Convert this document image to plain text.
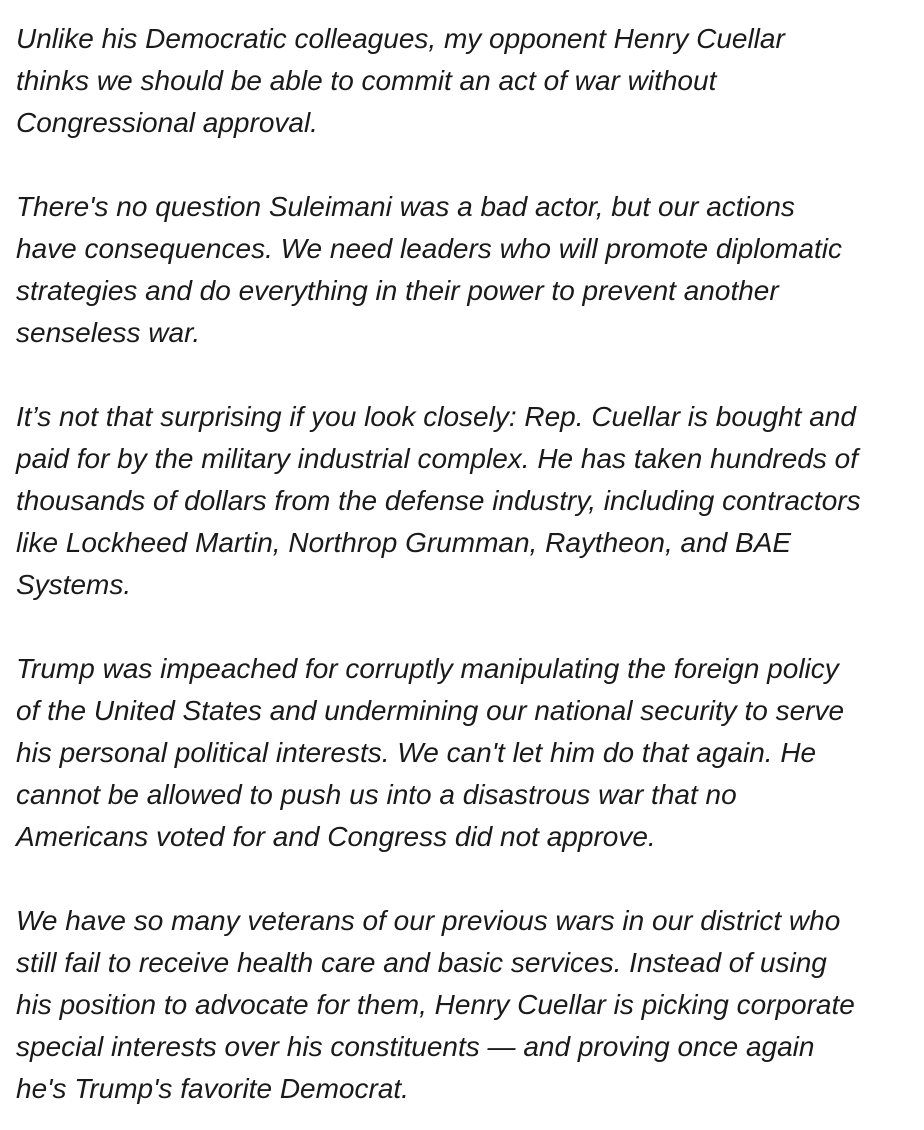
Unlike his Democratic colleagues, my opponent Henry Cuellar
thinks we should be able to commit an act of war without
Congressional approval.

There's no question Suleimani was a bad actor, but our actions
have consequences. We need leaders who will promote diplomatic
strategies and do everything in their power to prevent another
senseless war.

It’s not that surprising if you look closely: Rep. Cuellar is bought and
paid for by the military industrial complex. He has taken hundreds of
thousands of dollars from the defense industry, including contractors
like Lockheed Martin, Northrop Grumman, Raytheon, and BAE
Systems.

Trump was impeached for corruptly manipulating the foreign policy
of the United States and undermining our national security to serve
his personal political interests. We can't let him do that again. He
cannot be allowed to push us into a disastrous war that no
Americans voted for and Congress did not approve.

We have so many veterans of our previous wars in our district who
still fail to receive health care and basic services. Instead of using
his position to advocate for them, Henry Cuellar is picking corporate
special interests over his constituents — and proving once again
he's Trump's favorite Democrat.
